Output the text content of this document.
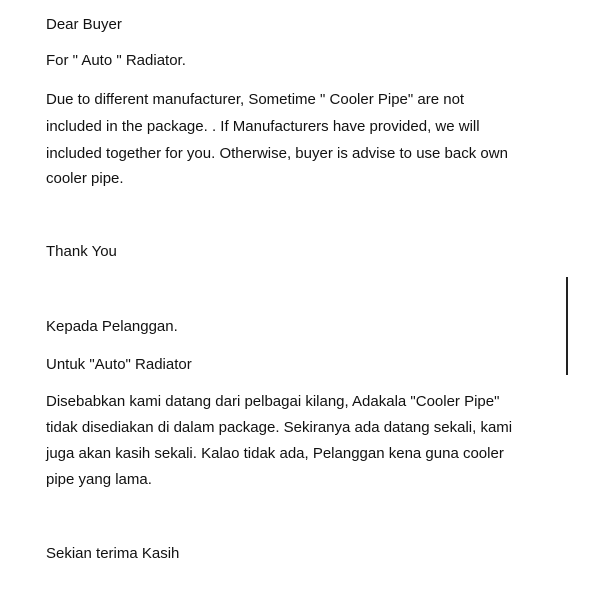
Dear Buyer
For " Auto " Radiator.
Due to different manufacturer, Sometime " Cooler Pipe" are not
included in the package. . If Manufacturers have provided, we will
included together for you. Otherwise, buyer is advise to use back own
cooler pipe.
Thank You
Kepada Pelanggan.
Untuk "Auto" Radiator
Disebabkan kami datang dari pelbagai kilang, Adakala "Cooler Pipe"
tidak disediakan di dalam package. Sekiranya ada datang sekali, kami
juga akan kasih sekali. Kalao tidak ada, Pelanggan kena guna cooler
pipe yang lama.
Sekian terima Kasih
